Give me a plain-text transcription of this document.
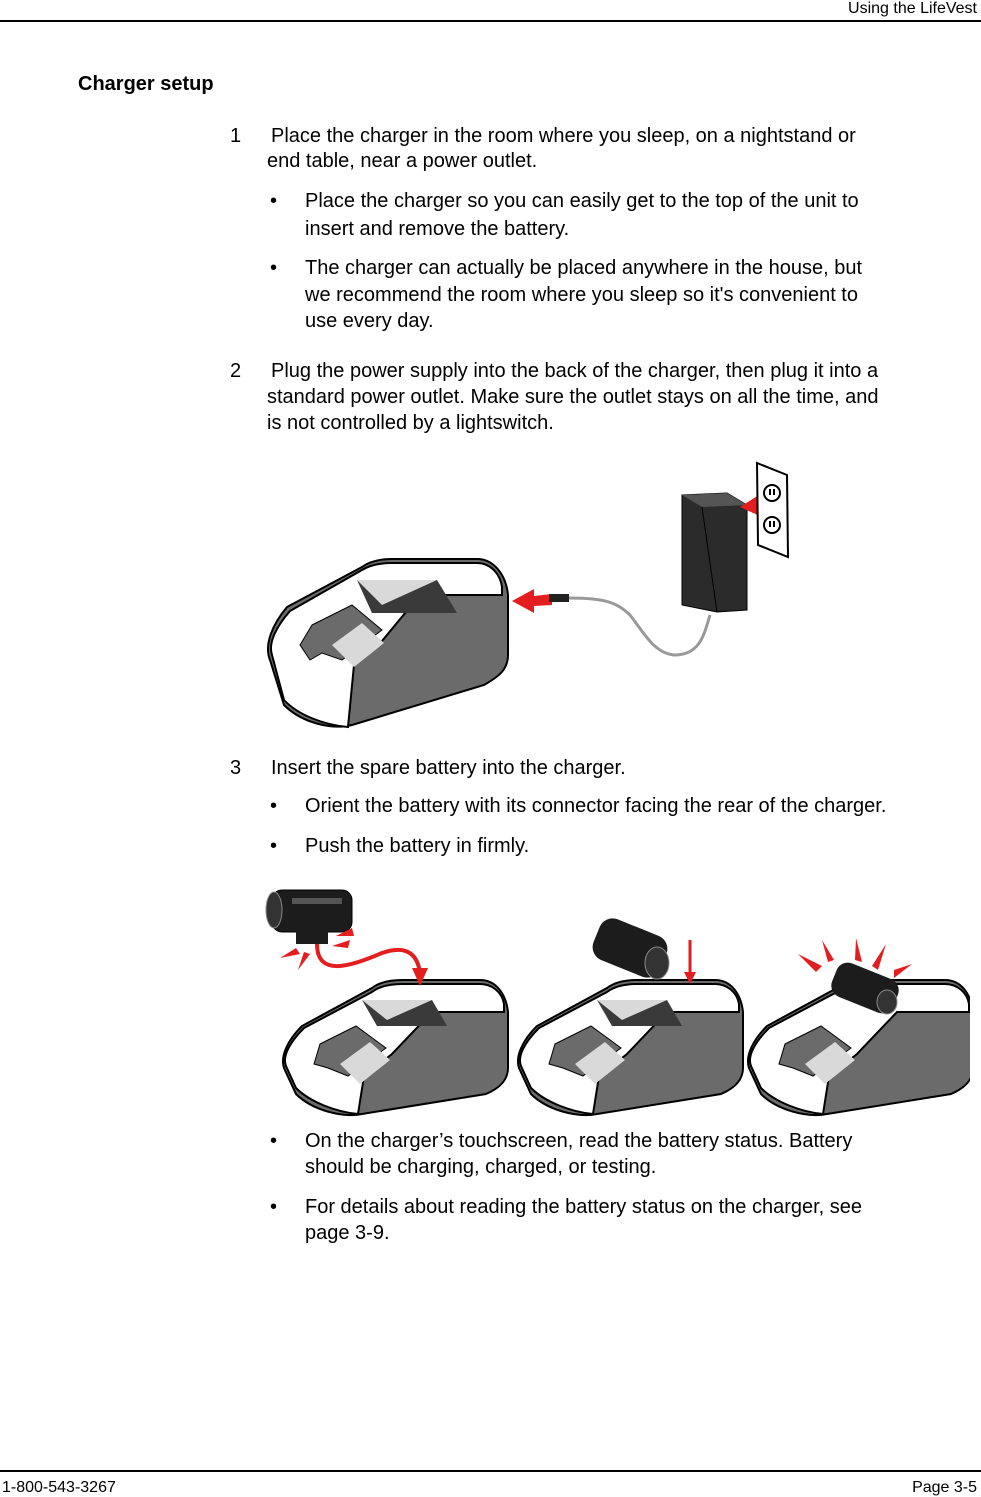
Using the LifeVest
1-800-543-3267	Page 3-5
Charger setup
1 Place the charger in the room where you sleep, on a nightstand or
end table, near a power outlet.
• Place the charger so you can easily get to the top of the unit to
insert and remove the battery.
• The charger can actually be placed anywhere in the house, but
we recommend the room where you sleep so it's convenient to
use every day.
2 Plug the power supply into the back of the charger, then plug it into a
standard power outlet. Make sure the outlet stays on all the time, and
is not controlled by a lightswitch.
3 Insert the spare battery into the charger.
• Orient the battery with its connector facing the rear of the charger.
• Push the battery in firmly.
• On the charger’s touchscreen, read the battery status. Battery
should be charging, charged, or testing.
• For details about reading the battery status on the charger, see
page 3-9.
